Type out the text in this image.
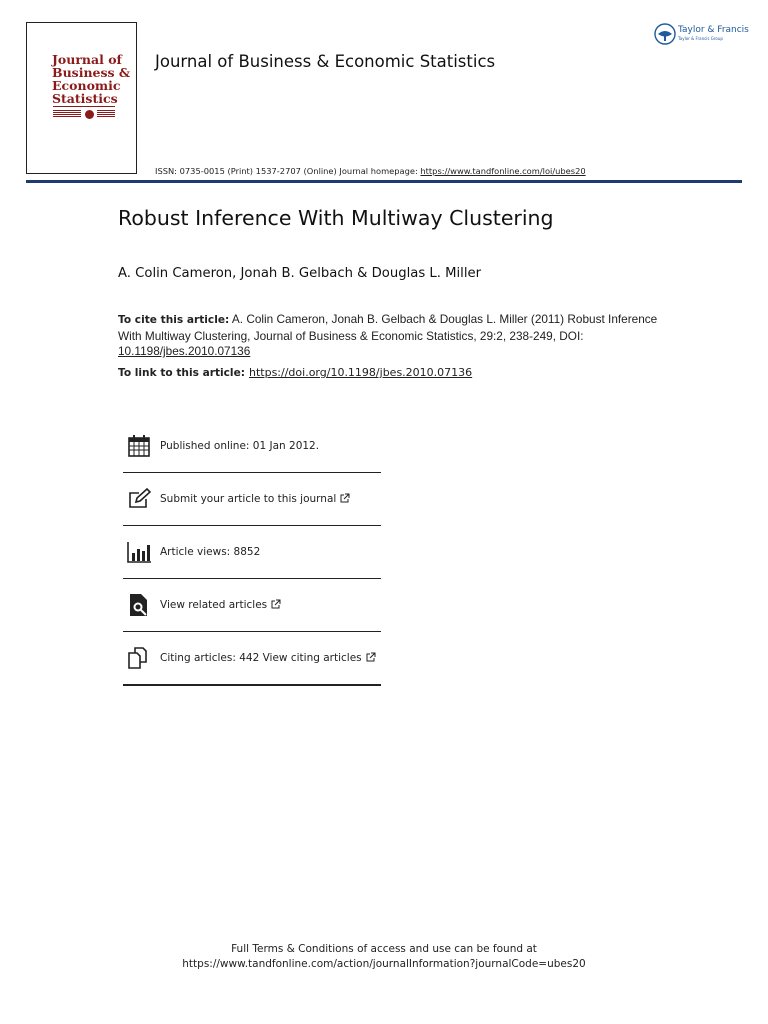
Journal of Business & Economic Statistics
Journal of Business & Economic Statistics
Taylor & Francis
Taylor & Francis Group
ISSN: 0735-0015 (Print) 1537-2707 (Online) Journal homepage: https://www.tandfonline.com/loi/ubes20
Robust Inference With Multiway Clustering
A. Colin Cameron, Jonah B. Gelbach & Douglas L. Miller
To cite this article: A. Colin Cameron, Jonah B. Gelbach & Douglas L. Miller (2011) Robust Inference With Multiway Clustering, Journal of Business & Economic Statistics, 29:2, 238-249, DOI: 10.1198/jbes.2010.07136
To link to this article: https://doi.org/10.1198/jbes.2010.07136
Published online: 01 Jan 2012.
Submit your article to this journal
Article views: 8852
View related articles
Citing articles: 442 View citing articles
Full Terms & Conditions of access and use can be found at
https://www.tandfonline.com/action/journalInformation?journalCode=ubes20
